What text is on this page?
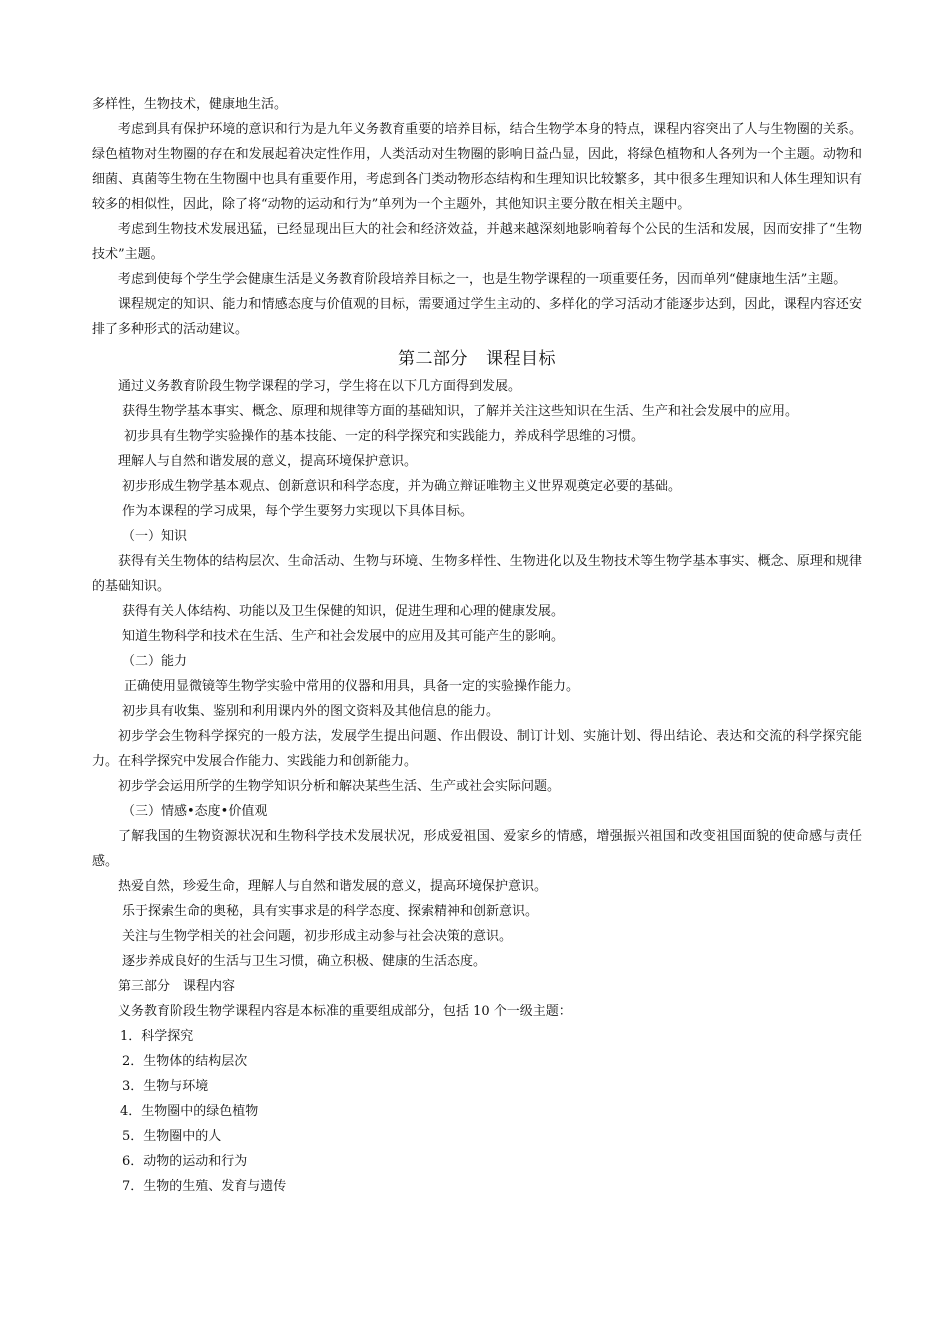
多样性，生物技术，健康地生活。

考虑到具有保护环境的意识和行为是九年义务教育重要的培养目标，结合生物学本身的特点，课程内容突出了人与生物圈的关系。绿色植物对生物圈的存在和发展起着决定性作用，人类活动对生物圈的影响日益凸显，因此，将绿色植物和人各列为一个主题。动物和细菌、真菌等生物在生物圈中也具有重要作用，考虑到各门类动物形态结构和生理知识比较繁多，其中很多生理知识和人体生理知识有较多的相似性，因此，除了将“动物的运动和行为”单列为一个主题外，其他知识主要分散在相关主题中。

考虑到生物技术发展迅猛，已经显现出巨大的社会和经济效益，并越来越深刻地影响着每个公民的生活和发展，因而安排了“生物技术”主题。

考虑到使每个学生学会健康生活是义务教育阶段培养目标之一，也是生物学课程的一项重要任务，因而单列“健康地生活”主题。

课程规定的知识、能力和情感态度与价值观的目标，需要通过学生主动的、多样化的学习活动才能逐步达到，因此，课程内容还安排了多种形式的活动建议。

第二部分 课程目标

通过义务教育阶段生物学课程的学习，学生将在以下几方面得到发展。

获得生物学基本事实、概念、原理和规律等方面的基础知识，了解并关注这些知识在生活、生产和社会发展中的应用。

初步具有生物学实验操作的基本技能、一定的科学探究和实践能力，养成科学思维的习惯。

理解人与自然和谐发展的意义，提高环境保护意识。

初步形成生物学基本观点、创新意识和科学态度，并为确立辩证唯物主义世界观奠定必要的基础。

作为本课程的学习成果，每个学生要努力实现以下具体目标。

（一）知识

获得有关生物体的结构层次、生命活动、生物与环境、生物多样性、生物进化以及生物技术等生物学基本事实、概念、原理和规律的基础知识。

获得有关人体结构、功能以及卫生保健的知识，促进生理和心理的健康发展。

知道生物科学和技术在生活、生产和社会发展中的应用及其可能产生的影响。

（二）能力

正确使用显微镜等生物学实验中常用的仪器和用具，具备一定的实验操作能力。

初步具有收集、鉴别和利用课内外的图文资料及其他信息的能力。

初步学会生物科学探究的一般方法，发展学生提出问题、作出假设、制订计划、实施计划、得出结论、表达和交流的科学探究能力。在科学探究中发展合作能力、实践能力和创新能力。

初步学会运用所学的生物学知识分析和解决某些生活、生产或社会实际问题。

（三）情感•态度•价值观

了解我国的生物资源状况和生物科学技术发展状况，形成爱祖国、爱家乡的情感，增强振兴祖国和改变祖国面貌的使命感与责任感。

热爱自然，珍爱生命，理解人与自然和谐发展的意义，提高环境保护意识。

乐于探索生命的奥秘，具有实事求是的科学态度、探索精神和创新意识。

关注与生物学相关的社会问题，初步形成主动参与社会决策的意识。

逐步养成良好的生活与卫生习惯，确立积极、健康的生活态度。

第三部分　课程内容

义务教育阶段生物学课程内容是本标准的重要组成部分，包括 10 个一级主题：

1．科学探究

2．生物体的结构层次

3．生物与环境

4．生物圈中的绿色植物

5．生物圈中的人

6．动物的运动和行为

7．生物的生殖、发育与遗传
